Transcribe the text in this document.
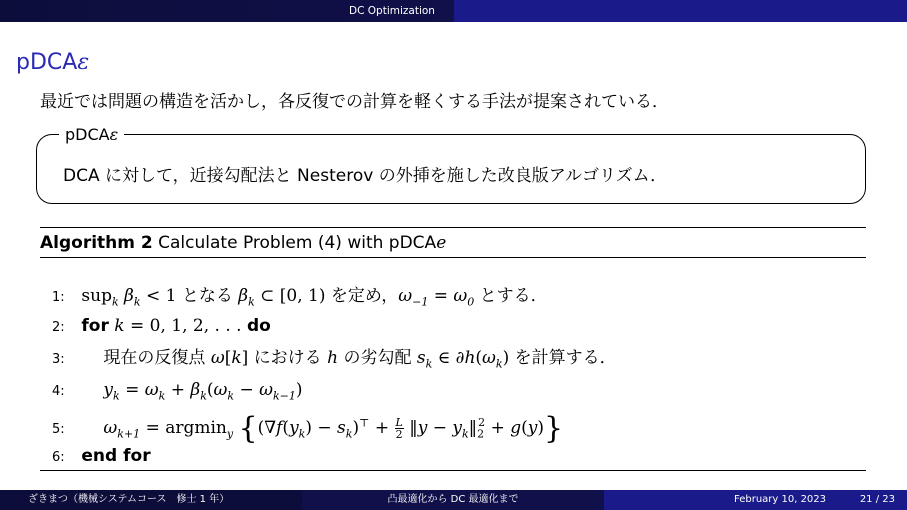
DC Optimization
pDCAε
最近では問題の構造を活かし，各反復での計算を軽くする手法が提案されている．
pDCAε
DCA に対して，近接勾配法と Nesterov の外挿を施した改良版アルゴリズム．
Algorithm 2 Calculate Problem (4) with pDCAe
1: sup$_k$ $\beta_k < 1$ となる $\beta_k$ ⊂ [0, 1) を定め，$\omega_{-1} = \omega_0$ とする．
2: for k = 0, 1, 2, . . . do
3: 現在の反復点 ω[k] における h の劣勾配 $s_k$ ∈ $\partial h(\omega_k)$ を計算する．
4: $y_k = \omega_k + \beta_k(\omega_k - \omega_{k-1})$
5: $\omega_{k+1} = argmin_y$ {$(\nabla f(y_k) - s_k)^⊤ + \frac{L}{2}$ ‖y − $y_k‖_2^2 + g(y)$}
6: end for
ざきまつ（機械システムコース　修士 1 年）	凸最適化から DC 最適化まで	February 10, 2023	21 / 23
